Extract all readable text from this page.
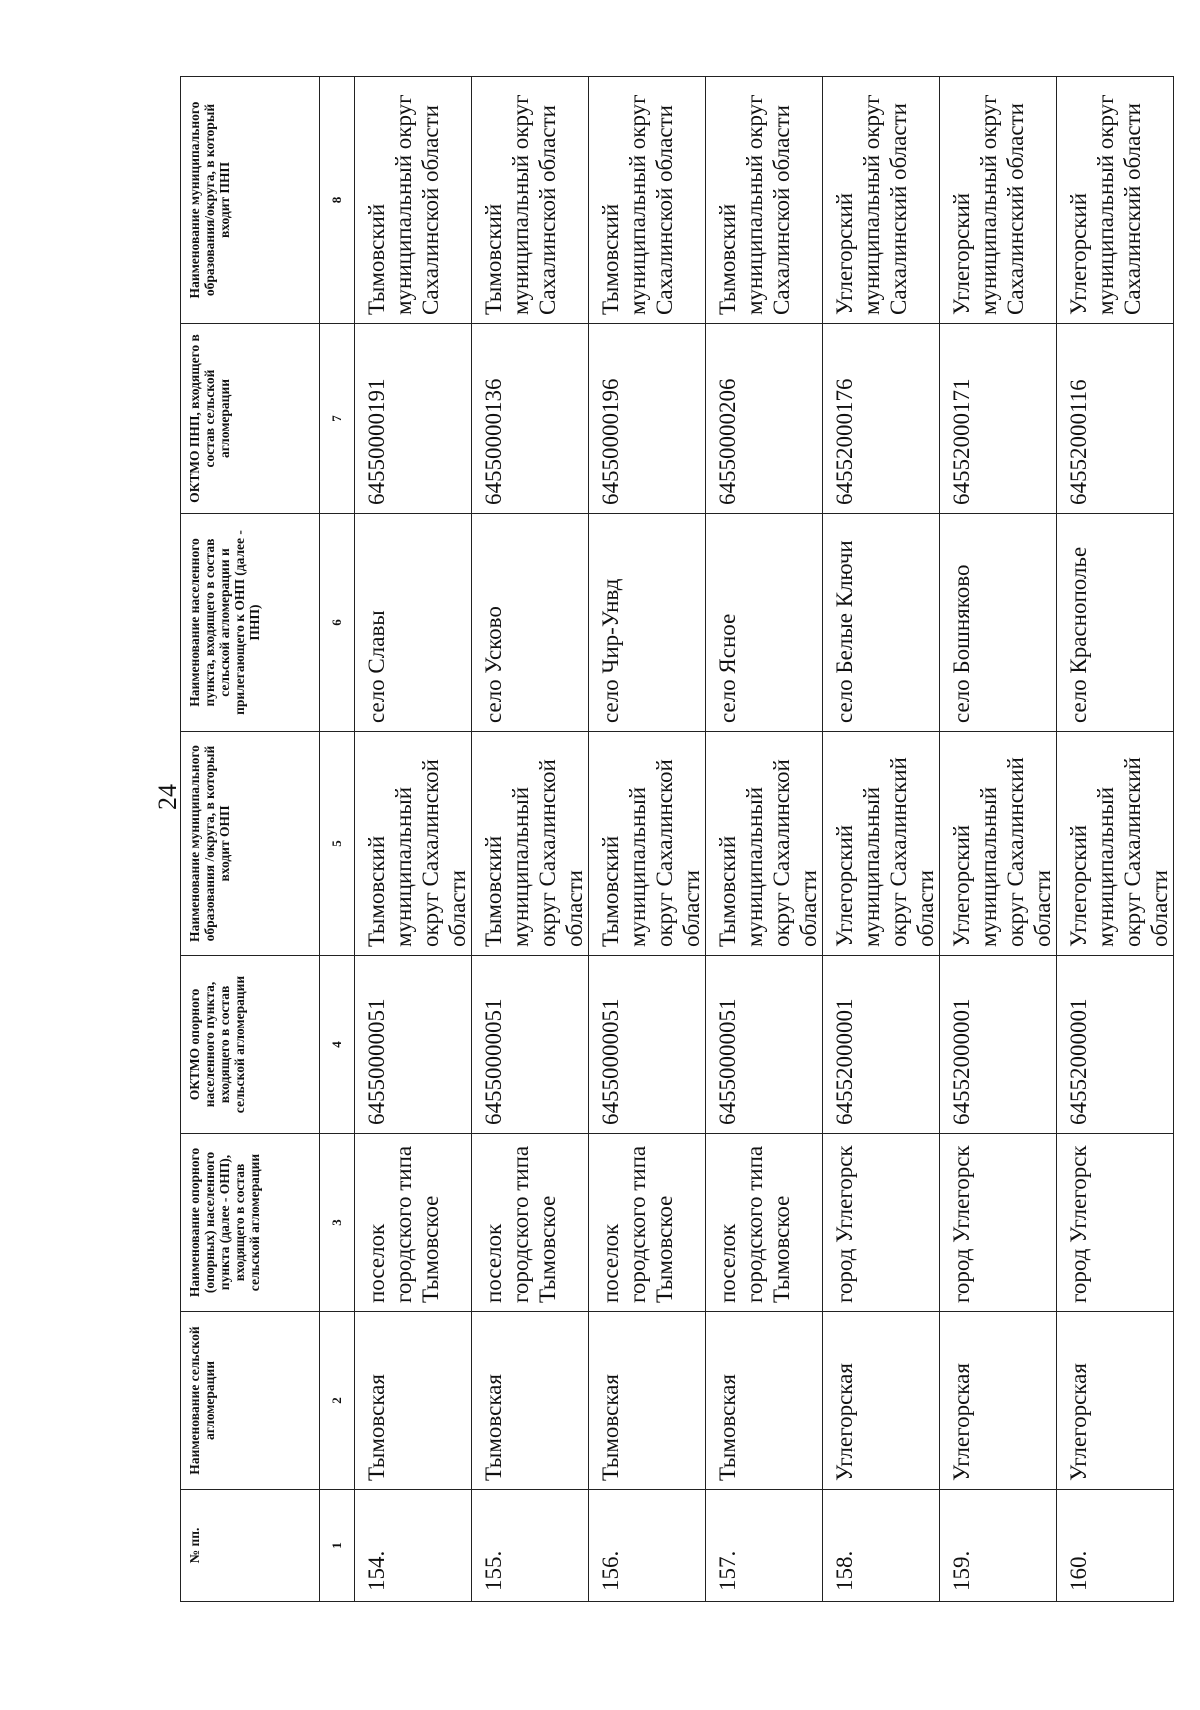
24
№ пп.	Наименование сельской агломерации	Наименование опорного (опорных) населенного пункта (далее - ОНП), входящего в состав сельской агломерации	ОКТМО опорного населенного пункта, входящего в состав сельской агломерации	Наименование муниципального образования /округа, в который входит ОНП	Наименование населенного пункта, входящего в состав сельской агломерации и прилегающего к ОНП (далее - ПНП)	ОКТМО ПНП, входящего в состав сельской агломерации	Наименование муниципального образования/округа, в который входит ПНП
1	2	3	4	5	6	7	8
154.	Тымовская	поселок городского типа Тымовское	64550000051	Тымовский муниципальный округ Сахалинской области	село Славы	64550000191	Тымовский муниципальный округ Сахалинской области
155.	Тымовская	поселок городского типа Тымовское	64550000051	Тымовский муниципальный округ Сахалинской области	село Усково	64550000136	Тымовский муниципальный округ Сахалинской области
156.	Тымовская	поселок городского типа Тымовское	64550000051	Тымовский муниципальный округ Сахалинской области	село Чир-Унвд	64550000196	Тымовский муниципальный округ Сахалинской области
157.	Тымовская	поселок городского типа Тымовское	64550000051	Тымовский муниципальный округ Сахалинской области	село Ясное	64550000206	Тымовский муниципальный округ Сахалинской области
158.	Углегорская	город Углегорск	64552000001	Углегорский муниципальный округ Сахалинский области	село Белые Ключи	64552000176	Углегорский муниципальный округ Сахалинский области
159.	Углегорская	город Углегорск	64552000001	Углегорский муниципальный округ Сахалинский области	село Бошняково	64552000171	Углегорский муниципальный округ Сахалинский области
160.	Углегорская	город Углегорск	64552000001	Углегорский муниципальный округ Сахалинский области	село Краснополье	64552000116	Углегорский муниципальный округ Сахалинский области
